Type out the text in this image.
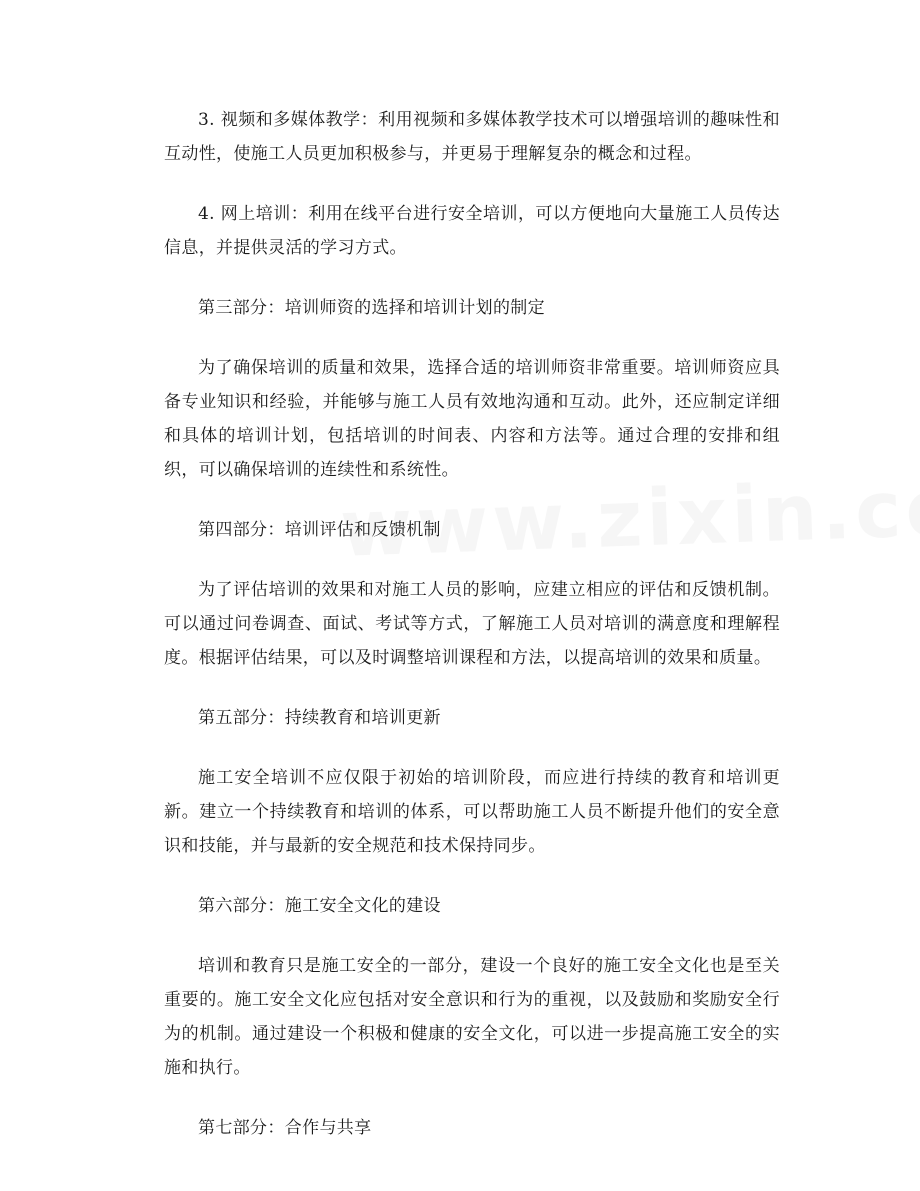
3. 视频和多媒体教学：利用视频和多媒体教学技术可以增强培训的趣味性和互动性，使施工人员更加积极参与，并更易于理解复杂的概念和过程。

4. 网上培训：利用在线平台进行安全培训，可以方便地向大量施工人员传达信息，并提供灵活的学习方式。

第三部分：培训师资的选择和培训计划的制定

为了确保培训的质量和效果，选择合适的培训师资非常重要。培训师资应具备专业知识和经验，并能够与施工人员有效地沟通和互动。此外，还应制定详细和具体的培训计划，包括培训的时间表、内容和方法等。通过合理的安排和组织，可以确保培训的连续性和系统性。

第四部分：培训评估和反馈机制

为了评估培训的效果和对施工人员的影响，应建立相应的评估和反馈机制。可以通过问卷调查、面试、考试等方式，了解施工人员对培训的满意度和理解程度。根据评估结果，可以及时调整培训课程和方法，以提高培训的效果和质量。

第五部分：持续教育和培训更新

施工安全培训不应仅限于初始的培训阶段，而应进行持续的教育和培训更新。建立一个持续教育和培训的体系，可以帮助施工人员不断提升他们的安全意识和技能，并与最新的安全规范和技术保持同步。

第六部分：施工安全文化的建设

培训和教育只是施工安全的一部分，建设一个良好的施工安全文化也是至关重要的。施工安全文化应包括对安全意识和行为的重视，以及鼓励和奖励安全行为的机制。通过建设一个积极和健康的安全文化，可以进一步提高施工安全的实施和执行。

第七部分：合作与共享
